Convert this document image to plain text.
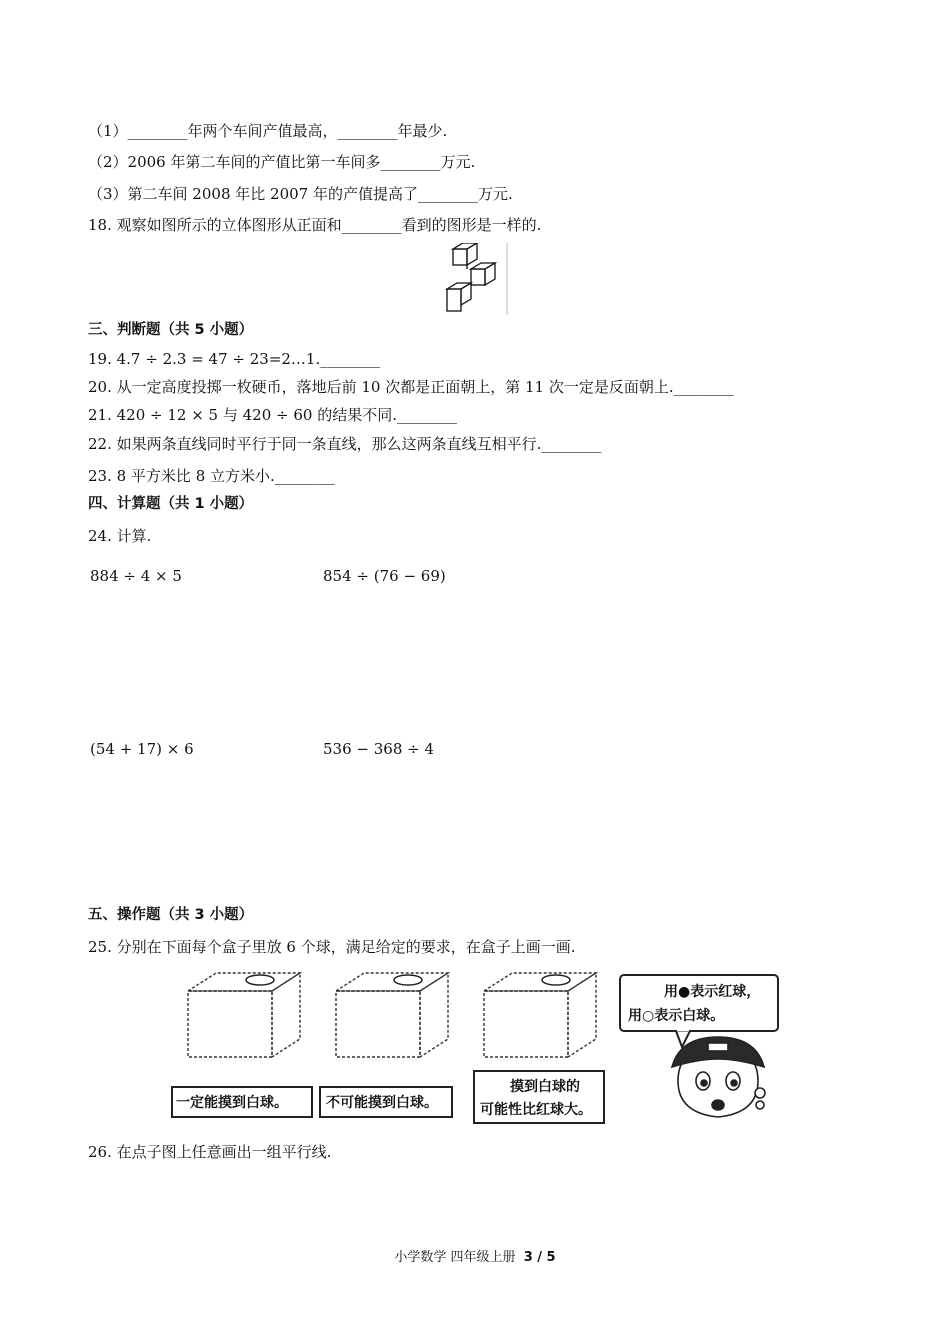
（1）________年两个车间产值最高，________年最少.
（2）2006 年第二车间的产值比第一车间多________万元.
（3）第二车间 2008 年比 2007 年的产值提高了________万元.
18. 观察如图所示的立体图形从正面和________看到的图形是一样的.
三、判断题（共 5 小题）
19. 4.7 ÷ 2.3 = 47 ÷ 23=2…1.________
20. 从一定高度投掷一枚硬币，落地后前 10 次都是正面朝上，第 11 次一定是反面朝上.________
21. 420 ÷ 12 × 5 与 420 ÷ 60 的结果不同.________
22. 如果两条直线同时平行于同一条直线，那么这两条直线互相平行.________
23. 8 平方米比 8 立方米小.________
四、计算题（共 1 小题）
24. 计算.
884 ÷ 4 × 5	854 ÷ (76 − 69)
(54 + 17) × 6	536 − 368 ÷ 4
五、操作题（共 3 小题）
25. 分别在下面每个盒子里放 6 个球，满足给定的要求，在盒子上画一画.
一定能摸到白球。	不可能摸到白球。
摸到白球的
可能性比红球大。
用●表示红球，
用○表示白球。
26. 在点子图上任意画出一组平行线.
小学数学 四年级上册 3 / 5
